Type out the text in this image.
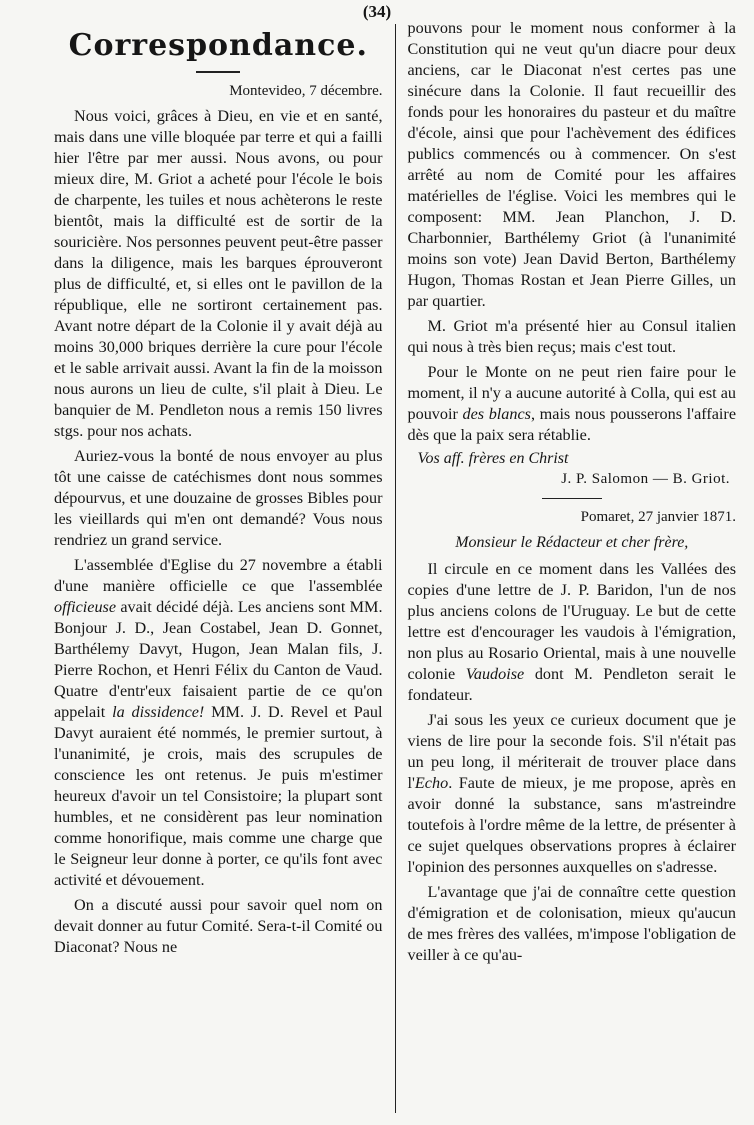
(34)
Correspondance.
Montevideo, 7 décembre.

Nous voici, grâces à Dieu, en vie et en santé, mais dans une ville bloquée par terre et qui a failli hier l'être par mer aussi. Nous avons, ou pour mieux dire, M. Griot a acheté pour l'école le bois de charpente, les tuiles et nous achèterons le reste bientôt, mais la difficulté est de sortir de la souricière. Nos personnes peuvent peut-être passer dans la diligence, mais les barques éprouveront plus de difficulté, et, si elles ont le pavillon de la république, elle ne sortiront certainement pas. Avant notre départ de la Colonie il y avait déjà au moins 30,000 briques derrière la cure pour l'école et le sable arrivait aussi. Avant la fin de la moisson nous aurons un lieu de culte, s'il plait à Dieu. Le banquier de M. Pendleton nous a remis 150 livres stgs. pour nos achats.

Auriez-vous la bonté de nous envoyer au plus tôt une caisse de catéchismes dont nous sommes dépourvus, et une douzaine de grosses Bibles pour les vieillards qui m'en ont demandé? Vous nous rendriez un grand service.

L'assemblée d'Eglise du 27 novembre a établi d'une manière officielle ce que l'assemblée officieuse avait décidé déjà. Les anciens sont MM. Bonjour J. D., Jean Costabel, Jean D. Gonnet, Barthélemy Davyt, Hugon, Jean Malan fils, J. Pierre Rochon, et Henri Félix du Canton de Vaud. Quatre d'entr'eux faisaient partie de ce qu'on appelait la dissidence! MM. J. D. Revel et Paul Davyt auraient été nommés, le premier surtout, à l'unanimité, je crois, mais des scrupules de conscience les ont retenus. Je puis m'estimer heureux d'avoir un tel Consistoire; la plupart sont humbles, et ne considèrent pas leur nomination comme honorifique, mais comme une charge que le Seigneur leur donne à porter, ce qu'ils font avec activité et dévouement.

On a discuté aussi pour savoir quel nom on devait donner au futur Comité. Sera-t-il Comité ou Diaconat? Nous ne

pouvons pour le moment nous conformer à la Constitution qui ne veut qu'un diacre pour deux anciens, car le Diaconat n'est certes pas une sinécure dans la Colonie. Il faut recueillir des fonds pour les honoraires du pasteur et du maître d'école, ainsi que pour l'achèvement des édifices publics commencés ou à commencer. On s'est arrêté au nom de Comité pour les affaires matérielles de l'église. Voici les membres qui le composent: MM. Jean Planchon, J. D. Charbonnier, Barthélemy Griot (à l'unanimité moins son vote) Jean David Berton, Barthélemy Hugon, Thomas Rostan et Jean Pierre Gilles, un par quartier.

M. Griot m'a présenté hier au Consul italien qui nous à très bien reçus; mais c'est tout.

Pour le Monte on ne peut rien faire pour le moment, il n'y a aucune autorité à Colla, qui est au pouvoir des blancs, mais nous pousserons l'affaire dès que la paix sera rétablie.

Vos aff. frères en Christ
J. P. Salomon — B. Griot.
Pomaret, 27 janvier 1871.
Monsieur le Rédacteur et cher frère,

Il circule en ce moment dans les Vallées des copies d'une lettre de J. P. Baridon, l'un de nos plus anciens colons de l'Uruguay. Le but de cette lettre est d'encourager les vaudois à l'émigration, non plus au Rosario Oriental, mais à une nouvelle colonie Vaudoise dont M. Pendleton serait le fondateur.

J'ai sous les yeux ce curieux document que je viens de lire pour la seconde fois. S'il n'était pas un peu long, il mériterait de trouver place dans l'Echo. Faute de mieux, je me propose, après en avoir donné la substance, sans m'astreindre toutefois à l'ordre même de la lettre, de présenter à ce sujet quelques observations propres à éclairer l'opinion des personnes auxquelles on s'adresse.

L'avantage que j'ai de connaître cette question d'émigration et de colonisation, mieux qu'aucun de mes frères des vallées, m'impose l'obligation de veiller à ce qu'au-
